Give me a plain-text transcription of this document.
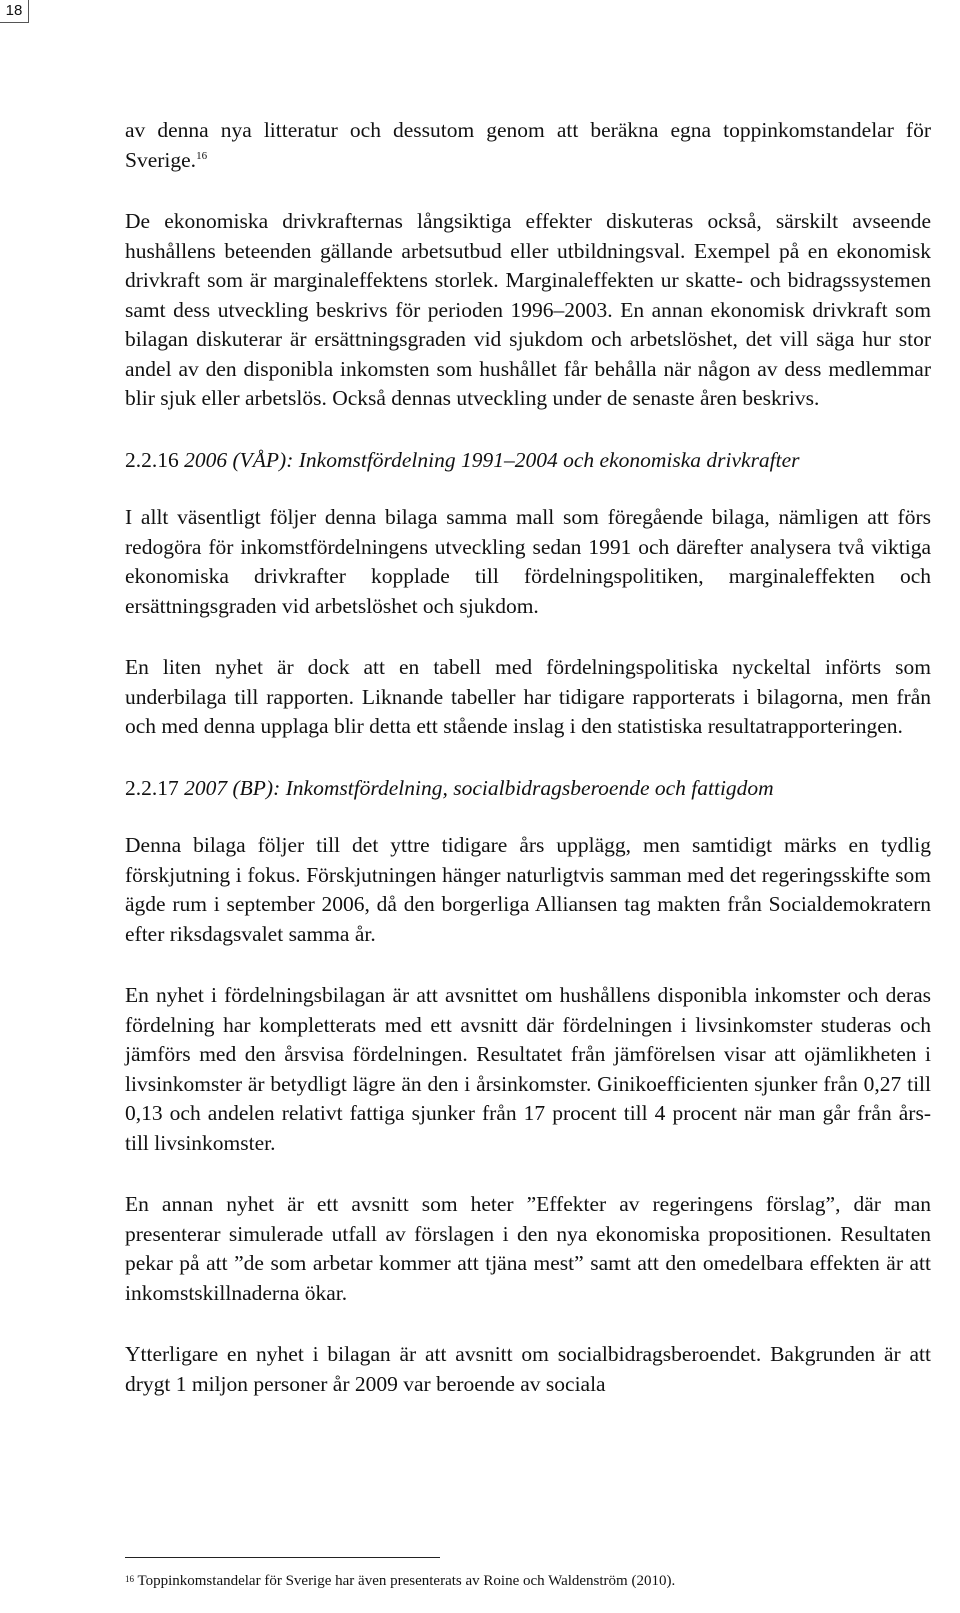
18

av denna nya litteratur och dessutom genom att beräkna egna toppinkomstandelar för Sverige.$^{16}$

De ekonomiska drivkrafternas långsiktiga effekter diskuteras också, särskilt avseende hushållens beteenden gällande arbetsutbud eller utbildningsval. Exempel på en ekonomisk drivkraft som är marginaleffektens storlek. Marginaleffekten ur skatte- och bidragssystemen samt dess utveckling beskrivs för perioden 1996–2003. En annan ekonomisk drivkraft som bilagan diskuterar är ersättningsgraden vid sjukdom och arbetslöshet, det vill säga hur stor andel av den disponibla inkomsten som hushållet får behålla när någon av dess medlemmar blir sjuk eller arbetslös. Också dennas utveckling under de senaste åren beskrivs.

2.2.16 2006 (VÅP): Inkomstfördelning 1991–2004 och ekonomiska drivkrafter

I allt väsentligt följer denna bilaga samma mall som föregående bilaga, nämligen att förs redogöra för inkomstfördelningens utveckling sedan 1991 och därefter analysera två viktiga ekonomiska drivkrafter kopplade till fördelningspolitiken, marginaleffekten och ersättningsgraden vid arbetslöshet och sjukdom.

En liten nyhet är dock att en tabell med fördelningspolitiska nyckeltal införts som underbilaga till rapporten. Liknande tabeller har tidigare rapporterats i bilagorna, men från och med denna upplaga blir detta ett stående inslag i den statistiska resultatrapporteringen.

2.2.17 2007 (BP): Inkomstfördelning, socialbidragsberoende och fattigdom

Denna bilaga följer till det yttre tidigare års upplägg, men samtidigt märks en tydlig förskjutning i fokus. Förskjutningen hänger naturligtvis samman med det regeringsskifte som ägde rum i september 2006, då den borgerliga Alliansen tag makten från Socialdemokratern efter riksdagsvalet samma år.

En nyhet i fördelningsbilagan är att avsnittet om hushållens disponibla inkomster och deras fördelning har kompletterats med ett avsnitt där fördelningen i livsinkomster studeras och jämförs med den årsvisa fördelningen. Resultatet från jämförelsen visar att ojämlikheten i livsinkomster är betydligt lägre än den i årsinkomster. Ginikoefficienten sjunker från 0,27 till 0,13 och andelen relativt fattiga sjunker från 17 procent till 4 procent när man går från års- till livsinkomster.

En annan nyhet är ett avsnitt som heter ”Effekter av regeringens förslag”, där man presenterar simulerade utfall av förslagen i den nya ekonomiska propositionen. Resultaten pekar på att ”de som arbetar kommer att tjäna mest” samt att den omedelbara effekten är att inkomstskillnaderna ökar.

Ytterligare en nyhet i bilagan är att avsnitt om socialbidragsberoendet. Bakgrunden är att drygt 1 miljon personer år 2009 var beroende av sociala

$^{16}$ Toppinkomstandelar för Sverige har även presenterats av Roine och Waldenström (2010).
